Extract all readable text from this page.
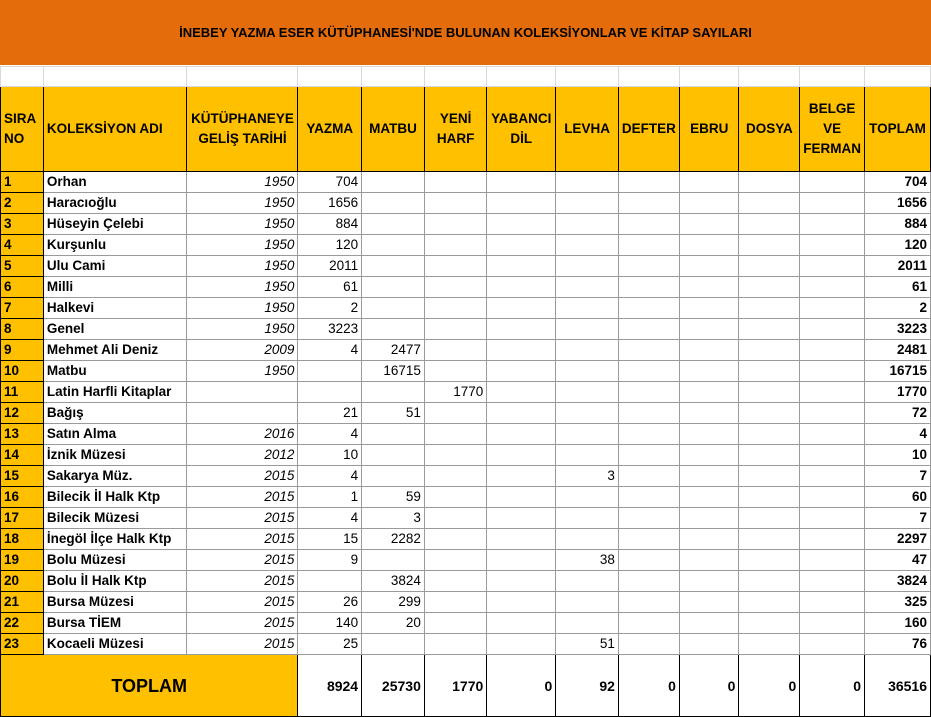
İNEBEY YAZMA ESER KÜTÜPHANESİ'NDE BULUNAN KOLEKSİYONLAR VE KİTAP SAYILARI

SIRA NO	KOLEKSİYON ADI	KÜTÜPHANEYE GELİŞ TARİHİ	YAZMA	MATBU	YENİ HARF	YABANCI DİL	LEVHA	DEFTER	EBRU	DOSYA	BELGE VE FERMAN	TOPLAM
1	Orhan	1950	704									704
2	Haracıoğlu	1950	1656									1656
3	Hüseyin Çelebi	1950	884									884
4	Kurşunlu	1950	120									120
5	Ulu Cami	1950	2011									2011
6	Milli	1950	61									61
7	Halkevi	1950	2									2
8	Genel	1950	3223									3223
9	Mehmet Ali Deniz	2009	4	2477								2481
10	Matbu	1950		16715								16715
11	Latin Harfli Kitaplar				1770							1770
12	Bağış		21	51								72
13	Satın Alma	2016	4									4
14	İznik Müzesi	2012	10									10
15	Sakarya Müz.	2015	4				3					7
16	Bilecik İl Halk Ktp	2015	1	59								60
17	Bilecik Müzesi	2015	4	3								7
18	İnegöl İlçe Halk Ktp	2015	15	2282								2297
19	Bolu Müzesi	2015	9				38					47
20	Bolu İl Halk Ktp	2015		3824								3824
21	Bursa Müzesi	2015	26	299								325
22	Bursa TİEM	2015	140	20								160
23	Kocaeli Müzesi	2015	25				51					76
TOPLAM			8924	25730	1770	0	92	0	0	0	0	36516
